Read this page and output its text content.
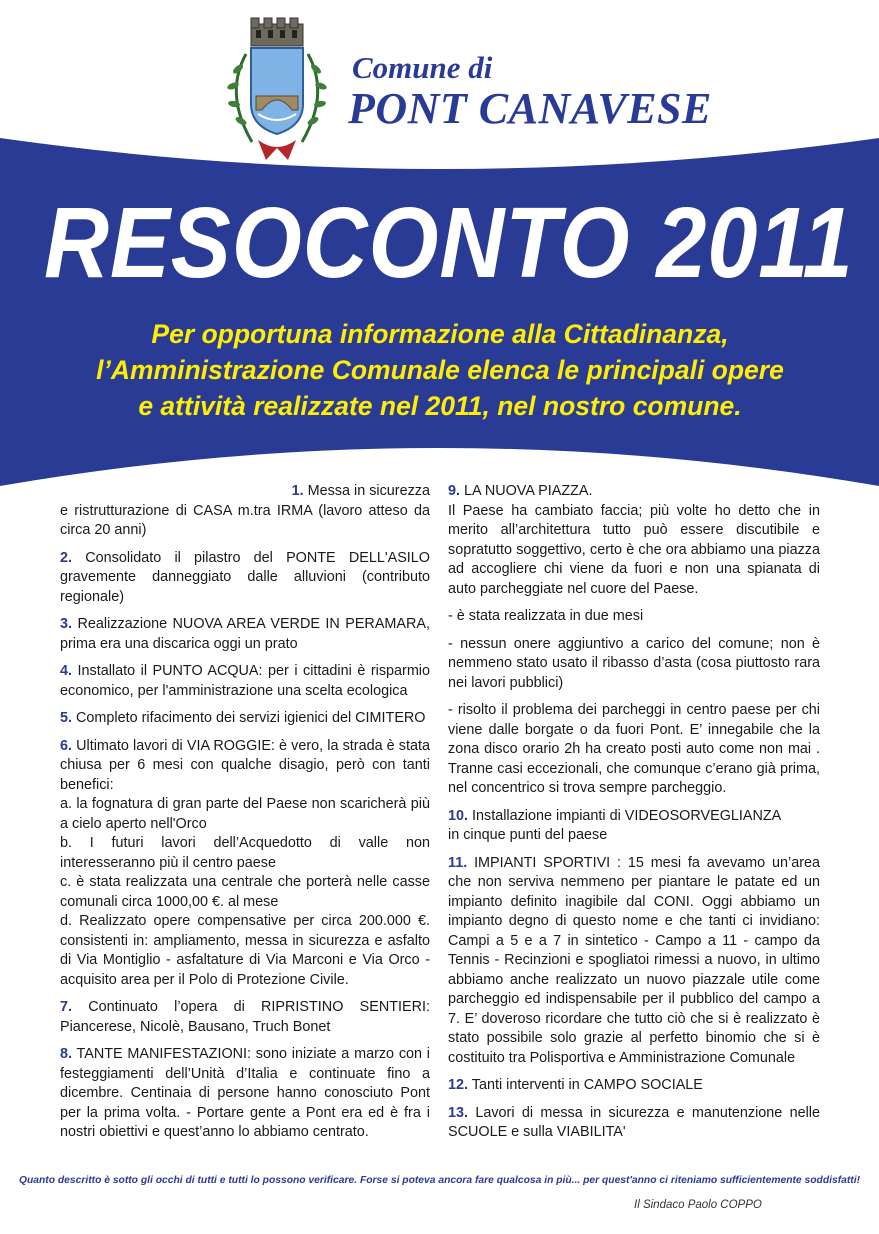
Comune di
PONT CANAVESE
RESOCONTO 2011
Per opportuna informazione alla Cittadinanza,
l’Amministrazione Comunale elenca le principali opere
e attività realizzate nel 2011, nel nostro comune.
1. Messa in sicurezza
e ristrutturazione di CASA m.tra IRMA (lavoro atteso da circa 20 anni)
2. Consolidato il pilastro del PONTE DELL'ASILO gravemente danneggiato dalle alluvioni (contributo regionale)
3. Realizzazione NUOVA AREA VERDE IN PERAMARA, prima era una discarica oggi un prato
4. Installato il PUNTO ACQUA: per i cittadini è risparmio economico, per l'amministrazione una scelta ecologica
5. Completo rifacimento dei servizi igienici del CIMITERO
6. Ultimato lavori di VIA ROGGIE: è vero, la strada è stata chiusa per 6 mesi con qualche disagio, però con tanti benefici:

a. la fognatura di gran parte del Paese non scaricherà più a cielo aperto nell'Orco

b. I futuri lavori dell’Acquedotto di valle non interesseranno più il centro paese

c. è stata realizzata una centrale che porterà nelle casse comunali circa 1000,00 €. al mese

d. Realizzato opere compensative per circa 200.000 €. consistenti in: ampliamento, messa in sicurezza e asfalto di Via Montiglio - asfaltature di Via Marconi e Via Orco - acquisito area per il Polo di Protezione Civile.

7. Continuato l’opera di RIPRISTINO SENTIERI: Piancerese, Nicolè, Bausano, Truch Bonet
8. TANTE MANIFESTAZIONI: sono iniziate a marzo con i festeggiamenti dell’Unità d’Italia e continuate fino a dicembre. Centinaia di persone hanno conosciuto Pont per la prima volta. - Portare gente a Pont era ed è fra i nostri obiettivi e quest’anno lo abbiamo centrato.
9. LA NUOVA PIAZZA.

Il Paese ha cambiato faccia; più volte ho detto che in merito all’architettura tutto può essere discutibile e sopratutto soggettivo, certo è che ora abbiamo una piazza ad accogliere chi viene da fuori e non una spianata di auto parcheggiate nel cuore del Paese.

- è stata realizzata in due mesi

- nessun onere aggiuntivo a carico del comune; non è nemmeno stato usato il ribasso d’asta (cosa piuttosto rara nei lavori pubblici)

- risolto il problema dei parcheggi in centro paese per chi viene dalle borgate o da fuori Pont. E’ innegabile che la zona disco orario 2h ha creato posti auto come non mai . Tranne casi eccezionali, che comunque c’erano già prima, nel concentrico si trova sempre parcheggio.

10. Installazione impianti di VIDEOSORVEGLIANZA

in cinque punti del paese

11. IMPIANTI SPORTIVI : 15 mesi fa avevamo un’area che non serviva nemmeno per piantare le patate ed un impianto definito inagibile dal CONI. Oggi abbiamo un impianto degno di questo nome e che tanti ci invidiano: Campi a 5 e a 7 in sintetico - Campo a 11 - campo da Tennis - Recinzioni e spogliatoi rimessi a nuovo, in ultimo abbiamo anche realizzato un nuovo piazzale utile come parcheggio ed indispensabile per il pubblico del campo a 7. E’ doveroso ricordare che tutto ciò che si è realizzato è stato possibile solo grazie al perfetto binomio che si è costituito tra Polisportiva e Amministrazione Comunale
12. Tanti interventi in CAMPO SOCIALE
13. Lavori di messa in sicurezza e manutenzione nelle SCUOLE e sulla VIABILITA'
Quanto descritto è sotto gli occhi di tutti e tutti lo possono verificare. Forse si poteva ancora fare qualcosa in più... per quest'anno ci riteniamo sufficientemente soddisfatti!
Il Sindaco Paolo COPPO
